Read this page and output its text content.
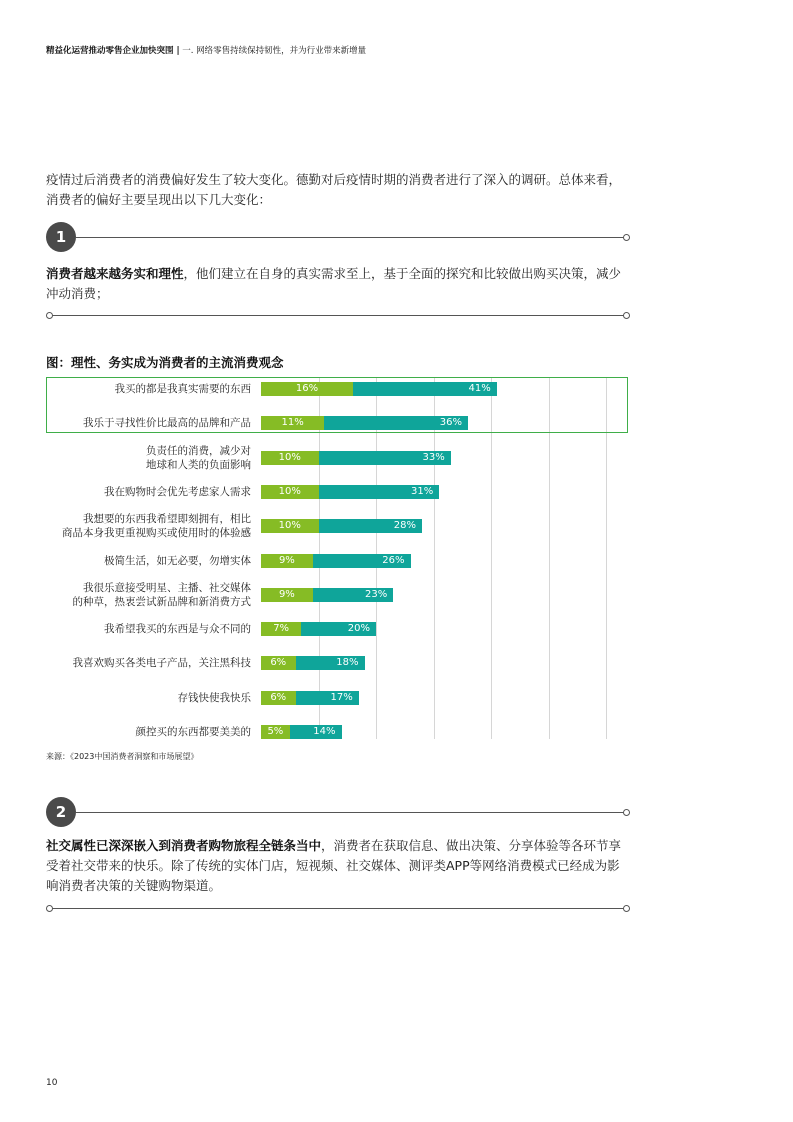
精益化运营推动零售企业加快突围 | 一. 网络零售持续保持韧性，并为行业带来新增量
疫情过后消费者的消费偏好发生了较大变化。德勤对后疫情时期的消费者进行了深入的调研。总体来看，消费者的偏好主要呈现出以下几大变化：
1
消费者越来越务实和理性，他们建立在自身的真实需求至上，基于全面的探究和比较做出购买决策，减少冲动消费；
图：理性、务实成为消费者的主流消费观念
我买的都是我真实需要的东西	16%	41%
我乐于寻找性价比最高的品牌和产品	11%	36%
负责任的消费，减少对
地球和人类的负面影响
10%	33%
我在购物时会优先考虑家人需求	10%	31%
我想要的东西我希望即刻拥有，相比
商品本身我更重视购买或使用时的体验感
10%	28%
极简生活，如无必要，勿增实体	9%	26%
我很乐意接受明星、主播、社交媒体
的种草，热衷尝试新品牌和新消费方式
9%	23%
我希望我买的东西是与众不同的	7%	20%
我喜欢购买各类电子产品，关注黑科技	6%	18%
存钱快使我快乐	6%	17%
颜控买的东西都要美美的	5%	14%
来源：《2023中国消费者洞察和市场展望》
2
社交属性已深深嵌入到消费者购物旅程全链条当中，消费者在获取信息、做出决策、分享体验等各环节享受着社交带来的快乐。除了传统的实体门店，短视频、社交媒体、测评类APP等网络消费模式已经成为影响消费者决策的关键购物渠道。
10
